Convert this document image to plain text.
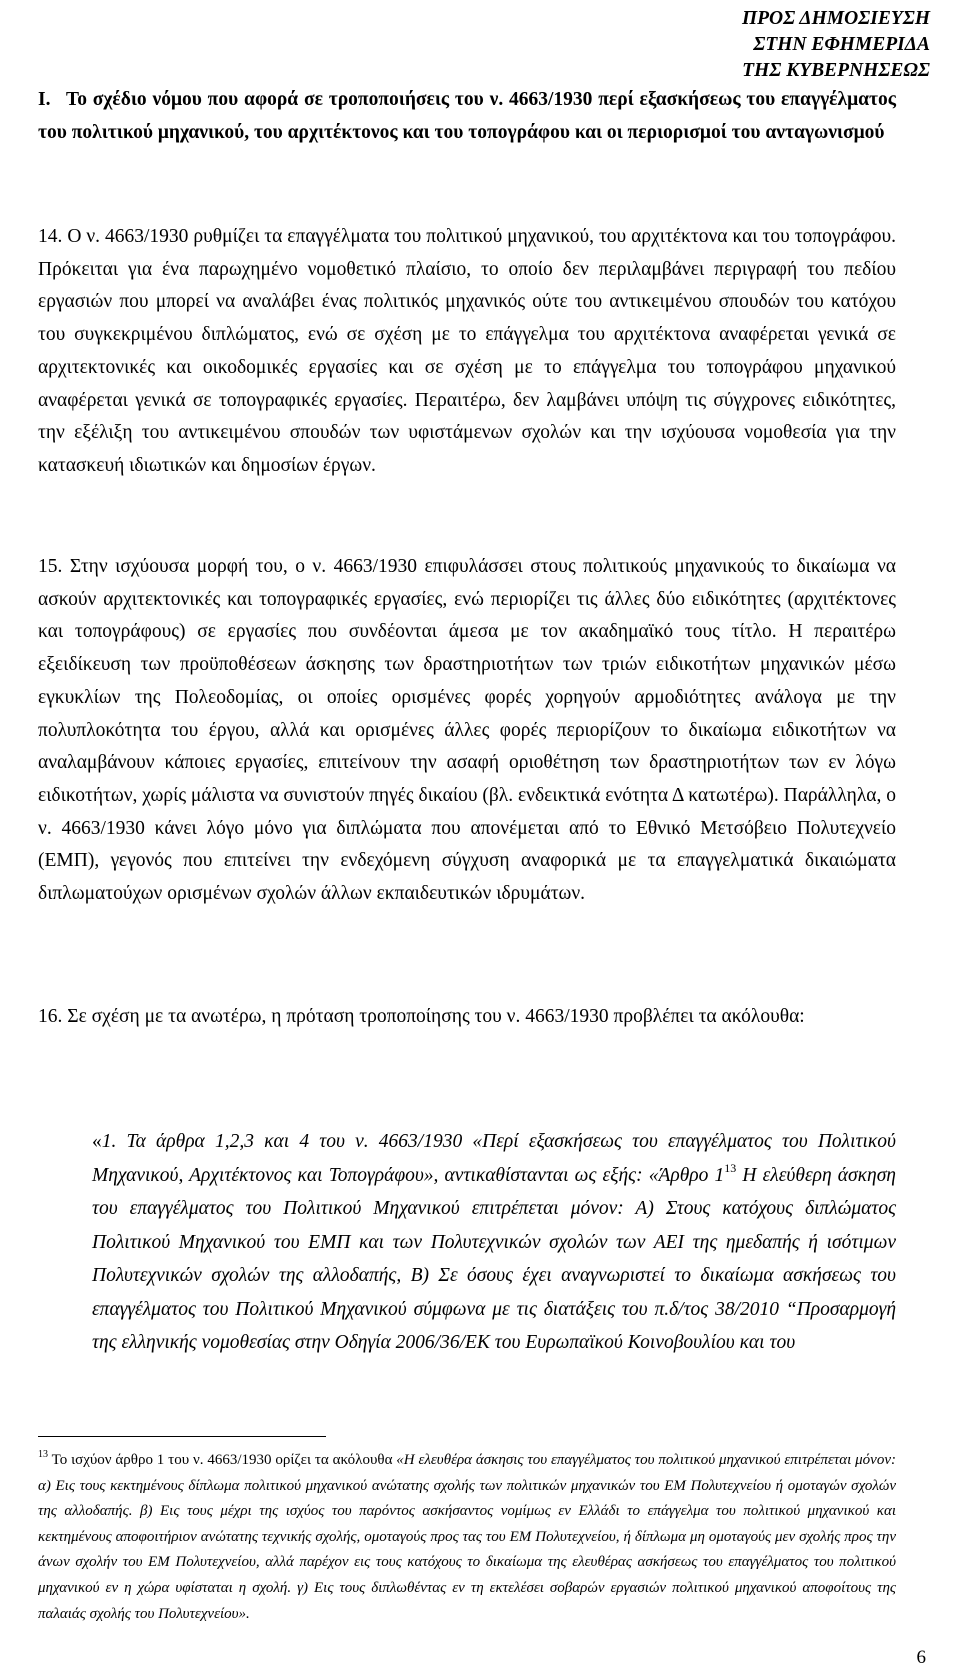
ΠΡΟΣ ΔΗΜΟΣΙΕΥΣΗ
ΣΤΗΝ ΕΦΗΜΕΡΙΔΑ
ΤΗΣ ΚΥΒΕΡΝΗΣΕΩΣ
I. Το σχέδιο νόμου που αφορά σε τροποποιήσεις του ν. 4663/1930 περί εξασκήσεως του επαγγέλματος του πολιτικού μηχανικού, του αρχιτέκτονος και του τοπογράφου και οι περιορισμοί του ανταγωνισμού

14. Ο ν. 4663/1930 ρυθμίζει τα επαγγέλματα του πολιτικού μηχανικού, του αρχιτέκτονα και του τοπογράφου. Πρόκειται για ένα παρωχημένο νομοθετικό πλαίσιο, το οποίο δεν περιλαμβάνει περιγραφή του πεδίου εργασιών που μπορεί να αναλάβει ένας πολιτικός μηχανικός ούτε του αντικειμένου σπουδών του κατόχου του συγκεκριμένου διπλώματος, ενώ σε σχέση με το επάγγελμα του αρχιτέκτονα αναφέρεται γενικά σε αρχιτεκτονικές και οικοδομικές εργασίες και σε σχέση με το επάγγελμα του τοπογράφου μηχανικού αναφέρεται γενικά σε τοπογραφικές εργασίες. Περαιτέρω, δεν λαμβάνει υπόψη τις σύγχρονες ειδικότητες, την εξέλιξη του αντικειμένου σπουδών των υφιστάμενων σχολών και την ισχύουσα νομοθεσία για την κατασκευή ιδιωτικών και δημοσίων έργων.

15. Στην ισχύουσα μορφή του, ο ν. 4663/1930 επιφυλάσσει στους πολιτικούς μηχανικούς το δικαίωμα να ασκούν αρχιτεκτονικές και τοπογραφικές εργασίες, ενώ περιορίζει τις άλλες δύο ειδικότητες (αρχιτέκτονες και τοπογράφους) σε εργασίες που συνδέονται άμεσα με τον ακαδημαϊκό τους τίτλο. Η περαιτέρω εξειδίκευση των προϋποθέσεων άσκησης των δραστηριοτήτων των τριών ειδικοτήτων μηχανικών μέσω εγκυκλίων της Πολεοδομίας, οι οποίες ορισμένες φορές χορηγούν αρμοδιότητες ανάλογα με την πολυπλοκότητα του έργου, αλλά και ορισμένες άλλες φορές περιορίζουν το δικαίωμα ειδικοτήτων να αναλαμβάνουν κάποιες εργασίες, επιτείνουν την ασαφή οριοθέτηση των δραστηριοτήτων των εν λόγω ειδικοτήτων, χωρίς μάλιστα να συνιστούν πηγές δικαίου (βλ. ενδεικτικά ενότητα Δ κατωτέρω). Παράλληλα, ο ν. 4663/1930 κάνει λόγο μόνο για διπλώματα που απονέμεται από το Εθνικό Μετσόβειο Πολυτεχνείο (ΕΜΠ), γεγονός που επιτείνει την ενδεχόμενη σύγχυση αναφορικά με τα επαγγελματικά δικαιώματα διπλωματούχων ορισμένων σχολών άλλων εκπαιδευτικών ιδρυμάτων.

16. Σε σχέση με τα ανωτέρω, η πρόταση τροποποίησης του ν. 4663/1930 προβλέπει τα ακόλουθα:

«1. Τα άρθρα 1,2,3 και 4 του ν. 4663/1930 «Περί εξασκήσεως του επαγγέλματος του Πολιτικού Μηχανικού, Αρχιτέκτονος και Τοπογράφου», αντικαθίστανται ως εξής: «Άρθρο $1^{13}$ Η ελεύθερη άσκηση του επαγγέλματος του Πολιτικού Μηχανικού επιτρέπεται μόνον: Α) Στους κατόχους διπλώματος Πολιτικού Μηχανικού του ΕΜΠ και των Πολυτεχνικών σχολών των ΑΕΙ της ημεδαπής ή ισότιμων Πολυτεχνικών σχολών της αλλοδαπής, Β) Σε όσους έχει αναγνωριστεί το δικαίωμα ασκήσεως του επαγγέλματος του Πολιτικού Μηχανικού σύμφωνα με τις διατάξεις του π.δ/τος 38/2010 “Προσαρμογή της ελληνικής νομοθεσίας στην Οδηγία 2006/36/ΕΚ του Ευρωπαϊκού Κοινοβουλίου και του

$^{13}$ Το ισχύον άρθρο 1 του ν. 4663/1930 ορίζει τα ακόλουθα «Η ελευθέρα άσκησις του επαγγέλματος του πολιτικού μηχανικού επιτρέπεται μόνον: α) Εις τους κεκτημένους δίπλωμα πολιτικού μηχανικού ανώτατης σχολής των πολιτικών μηχανικών του ΕΜ Πολυτεχνείου ή ομοταγών σχολών της αλλοδαπής. β) Εις τους μέχρι της ισχύος του παρόντος ασκήσαντος νομίμως εν Ελλάδι το επάγγελμα του πολιτικού μηχανικού και κεκτημένους αποφοιτήριον ανώτατης τεχνικής σχολής, ομοταγούς προς τας του ΕΜ Πολυτεχνείου, ή δίπλωμα μη ομοταγούς μεν σχολής προς την άνων σχολήν του ΕΜ Πολυτεχνείου, αλλά παρέχον εις τους κατόχους το δικαίωμα της ελευθέρας ασκήσεως του επαγγέλματος του πολιτικού μηχανικού εν η χώρα υφίσταται η σχολή. γ) Εις τους διπλωθέντας εν τη εκτελέσει σοβαρών εργασιών πολιτικού μηχανικού αποφοίτους της παλαιάς σχολής του Πολυτεχνείου».

6
